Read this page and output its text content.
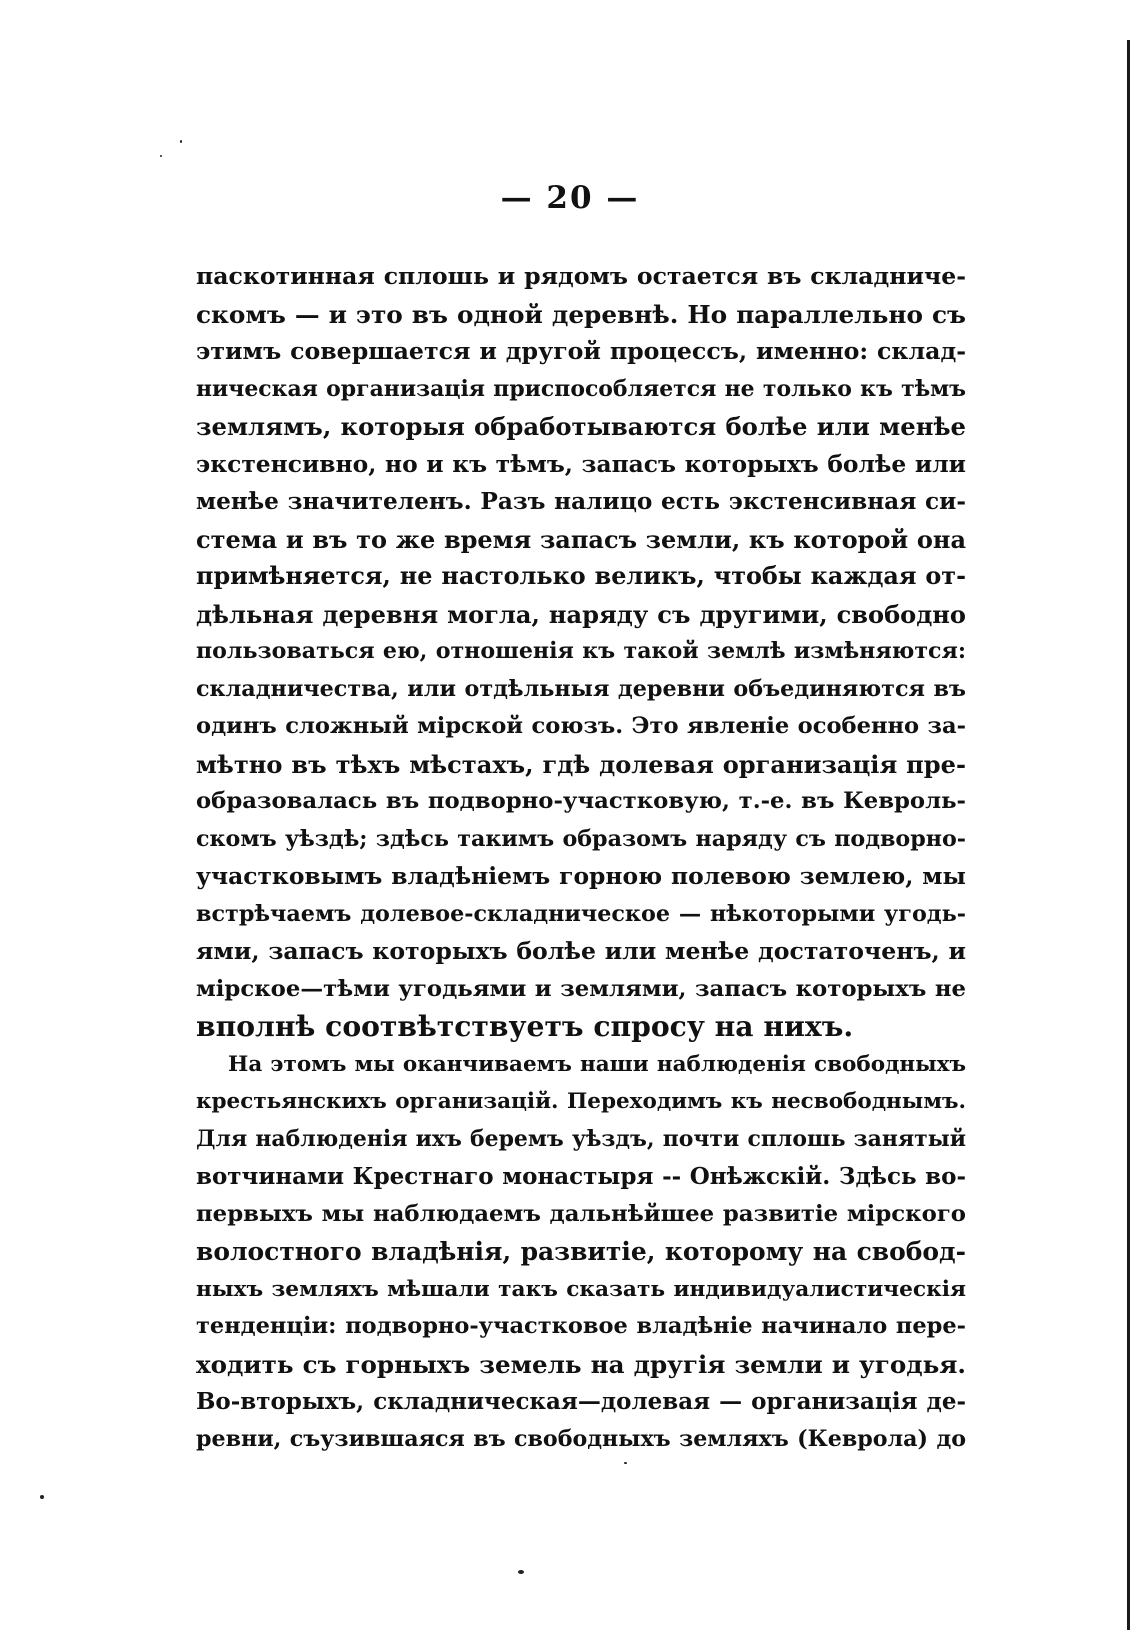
— 20 —
паскотинная сплошь и рядомъ остается въ складниче-
скомъ — и это въ одной деревнѣ. Но параллельно съ
этимъ совершается и другой процессъ, именно: склад-
ническая организація приспособляется не только къ тѣмъ
землямъ, которыя обработываются болѣе или менѣе
экстенсивно, но и къ тѣмъ, запасъ которыхъ болѣе или
менѣе значителенъ. Разъ налицо есть экстенсивная си-
стема и въ то же время запасъ земли, къ которой она
примѣняется, не настолько великъ, чтобы каждая от-
дѣльная деревня могла, наряду съ другими, свободно
пользоваться ею, отношенія къ такой землѣ измѣняются:
складничества, или отдѣльныя деревни объединяются въ
одинъ сложный мірской союзъ. Это явленіе особенно за-
мѣтно въ тѣхъ мѣстахъ, гдѣ долевая организація пре-
образовалась въ подворно-участковую, т.-е. въ Кевроль-
скомъ уѣздѣ; здѣсь такимъ образомъ наряду съ подворно-
участковымъ владѣніемъ горною полевою землею, мы
встрѣчаемъ долевое-складническое — нѣкоторыми угодь-
ями, запасъ которыхъ болѣе или менѣе достаточенъ, и
мірское—тѣми угодьями и землями, запасъ которыхъ не
вполнѣ соотвѣтствуетъ спросу на нихъ.
На этомъ мы оканчиваемъ наши наблюденія свободныхъ
крестьянскихъ организацій. Переходимъ къ несвободнымъ.
Для наблюденія ихъ беремъ уѣздъ, почти сплошь занятый
вотчинами Крестнаго монастыря -- Онѣжскій. Здѣсь во-
первыхъ мы наблюдаемъ дальнѣйшее развитіе мірского
волостного владѣнія, развитіе, которому на свобод-
ныхъ земляхъ мѣшали такъ сказать индивидуалистическія
тенденціи: подворно-участковое владѣніе начинало пере-
ходить съ горныхъ земель на другія земли и угодья.
Во-вторыхъ, складническая—долевая — организація де-
ревни, съузившаяся въ свободныхъ земляхъ (Кеврола) до
